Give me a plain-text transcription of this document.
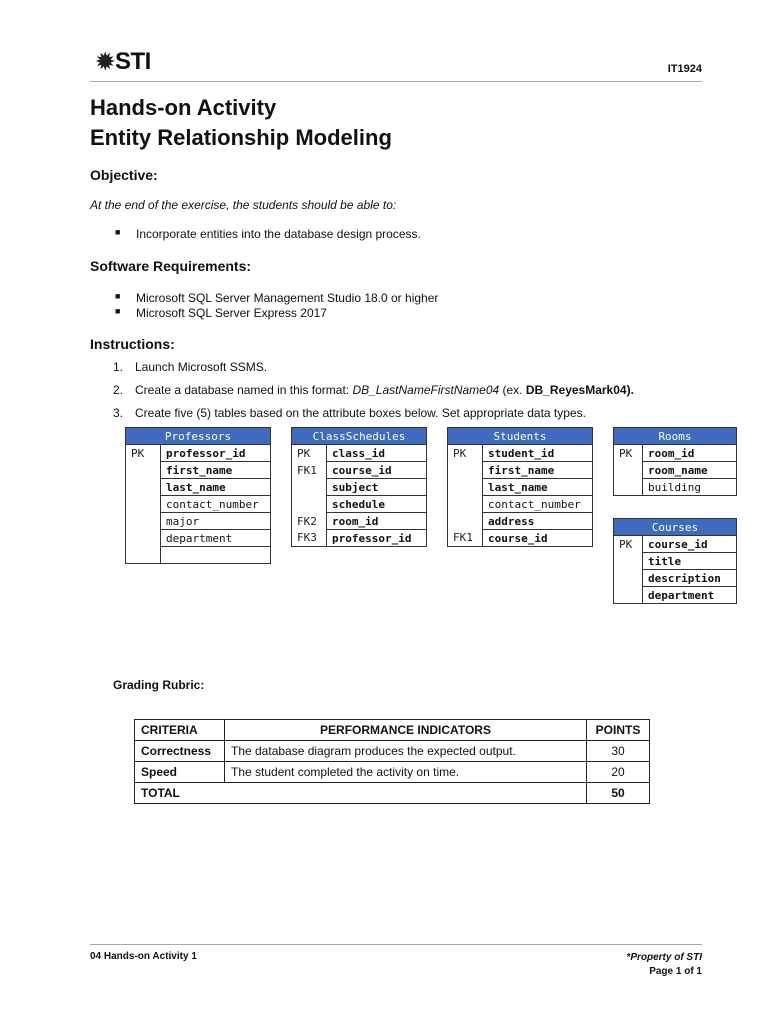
✹ STI	IT1924
Hands-on Activity
Entity Relationship Modeling
Objective:
At the end of the exercise, the students should be able to:
■ Incorporate entities into the database design process.
Software Requirements:
■ Microsoft SQL Server Management Studio 18.0 or higher
■ Microsoft SQL Server Express 2017
Instructions:
1. Launch Microsoft SSMS.
2. Create a database named in this format: DB_LastNameFirstName04 (ex. DB_ReyesMark04).
3. Create five (5) tables based on the attribute boxes below. Set appropriate data types.
Professors	
PK	professor_id
	first_name
	last_name
	contact_number
	major
	department

ClassSchedules	
PK	class_id
FK1	course_id
	subject
	schedule
FK2	room_id
FK3	professor_id
Students	
PK	student_id
	first_name
	last_name
	contact_number
	address
FK1	course_id
Rooms	
PK	room_id
	room_name
	building
Courses	
PK	course_id
	title
	description
	department
Grading Rubric:
CRITERIA	PERFORMANCE INDICATORS	POINTS
Correctness	The database diagram produces the expected output.	30
Speed	The student completed the activity on time.	20
TOTAL		50
04 Hands-on Activity 1	*Property of STI
Page 1 of 1
